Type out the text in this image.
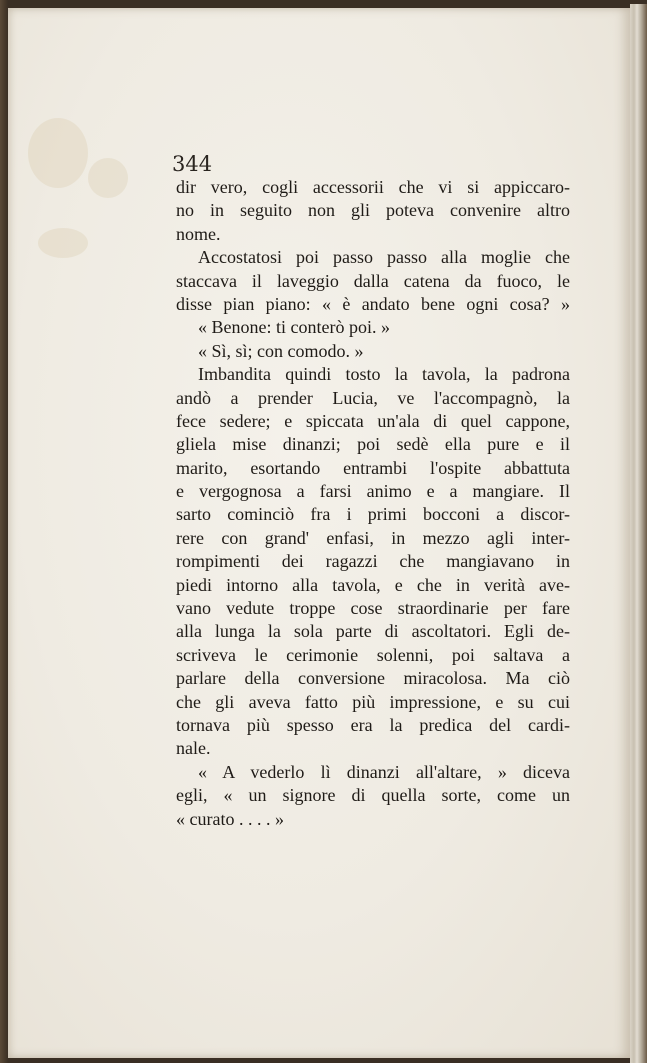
344
dir vero, cogli accessorii che vi si appiccaro-
no in seguito non gli poteva convenire altro
nome.
Accostatosi poi passo passo alla moglie che
staccava il laveggio dalla catena da fuoco, le
disse pian piano: « è andato bene ogni cosa? »
« Benone: ti conterò poi. »
« Sì, sì; con comodo. »
Imbandita quindi tosto la tavola, la padrona
andò a prender Lucia, ve l'accompagnò, la
fece sedere; e spiccata un'ala di quel cappone,
gliela mise dinanzi; poi sedè ella pure e il
marito, esortando entrambi l'ospite abbattuta
e vergognosa a farsi animo e a mangiare. Il
sarto cominciò fra i primi bocconi a discor-
rere con grand' enfasi, in mezzo agli inter-
rompimenti dei ragazzi che mangiavano in
piedi intorno alla tavola, e che in verità ave-
vano vedute troppe cose straordinarie per fare
alla lunga la sola parte di ascoltatori. Egli de-
scriveva le cerimonie solenni, poi saltava a
parlare della conversione miracolosa. Ma ciò
che gli aveva fatto più impressione, e su cui
tornava più spesso era la predica del cardi-
nale.
« A vederlo lì dinanzi all'altare, » diceva
egli, « un signore di quella sorte, come un
« curato . . . . »
